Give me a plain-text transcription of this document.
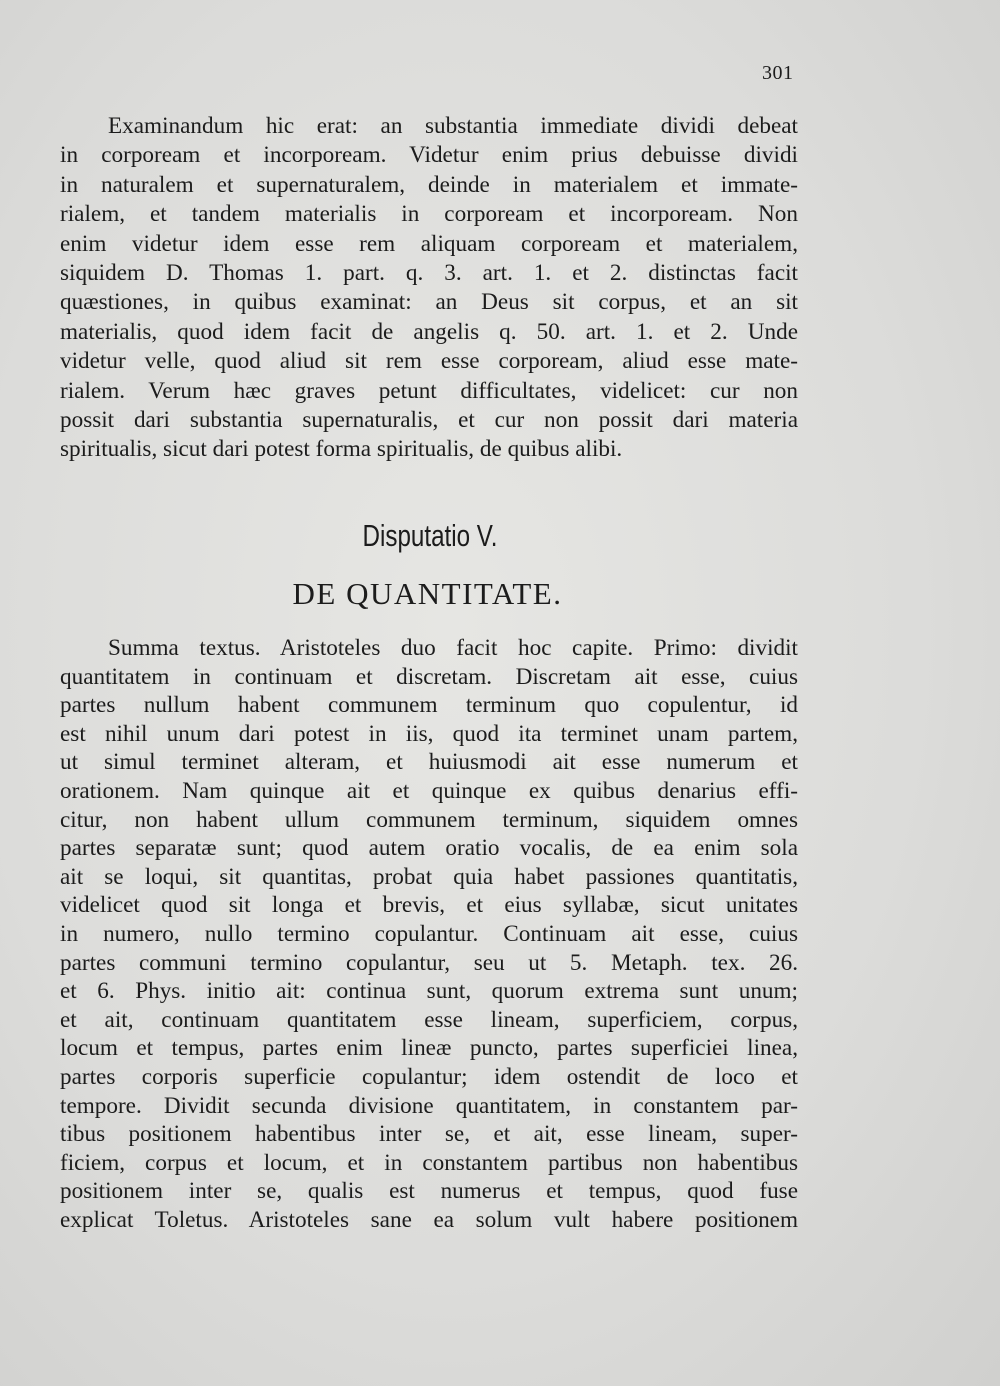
301
Examinandum hic erat: an substantia immediate dividi debeat
in corpoream et incorpoream. Videtur enim prius debuisse dividi
in naturalem et supernaturalem, deinde in materialem et immate-
rialem, et tandem materialis in corpoream et incorpoream. Non
enim videtur idem esse rem aliquam corpoream et materialem,
siquidem D. Thomas 1. part. q. 3. art. 1. et 2. distinctas facit
quæstiones, in quibus examinat: an Deus sit corpus, et an sit
materialis, quod idem facit de angelis q. 50. art. 1. et 2. Unde
videtur velle, quod aliud sit rem esse corpoream, aliud esse mate-
rialem. Verum hæc graves petunt difficultates, videlicet: cur non
possit dari substantia supernaturalis, et cur non possit dari materia
spiritualis, sicut dari potest forma spiritualis, de quibus alibi.
Disputatio V.
DE QUANTITATE.
Summa textus. Aristoteles duo facit hoc capite. Primo: dividit
quantitatem in continuam et discretam. Discretam ait esse, cuius
partes nullum habent communem terminum quo copulentur, id
est nihil unum dari potest in iis, quod ita terminet unam partem,
ut simul terminet alteram, et huiusmodi ait esse numerum et
orationem. Nam quinque ait et quinque ex quibus denarius effi-
citur, non habent ullum communem terminum, siquidem omnes
partes separatæ sunt; quod autem oratio vocalis, de ea enim sola
ait se loqui, sit quantitas, probat quia habet passiones quantitatis,
videlicet quod sit longa et brevis, et eius syllabæ, sicut unitates
in numero, nullo termino copulantur. Continuam ait esse, cuius
partes communi termino copulantur, seu ut 5. Metaph. tex. 26.
et 6. Phys. initio ait: continua sunt, quorum extrema sunt unum;
et ait, continuam quantitatem esse lineam, superficiem, corpus,
locum et tempus, partes enim lineæ puncto, partes superficiei linea,
partes corporis superficie copulantur; idem ostendit de loco et
tempore. Dividit secunda divisione quantitatem, in constantem par-
tibus positionem habentibus inter se, et ait, esse lineam, super-
ficiem, corpus et locum, et in constantem partibus non habentibus
positionem inter se, qualis est numerus et tempus, quod fuse
explicat Toletus. Aristoteles sane ea solum vult habere positionem
